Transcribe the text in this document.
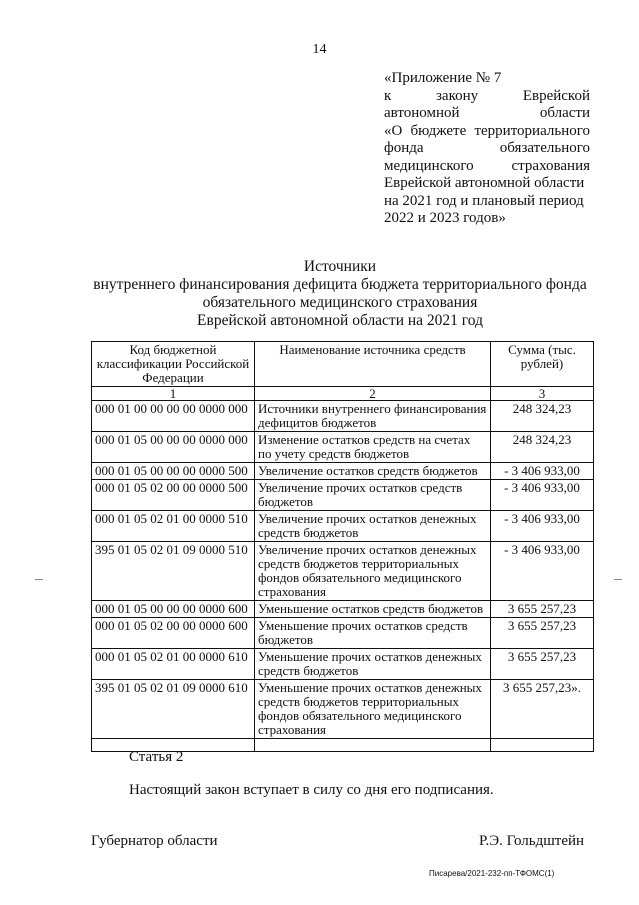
14
«Приложение № 7
к закону Еврейской
автономной области
«О бюджете территориального
фонда обязательного
медицинского страхования
Еврейской автономной области
на 2021 год и плановый период
2022 и 2023 годов»
Источники
внутреннего финансирования дефицита бюджета территориального фонда
обязательного медицинского страхования
Еврейской автономной области на 2021 год
Код бюджетной классификации Российской Федерации	Наименование источника средств	Сумма (тыс. рублей)
1	2	3
000 01 00 00 00 00 0000 000	Источники внутреннего финансирования дефицитов бюджетов	248 324,23
000 01 05 00 00 00 0000 000	Изменение остатков средств на счетах по учету средств бюджетов	248 324,23
000 01 05 00 00 00 0000 500	Увеличение остатков средств бюджетов	- 3 406 933,00
000 01 05 02 00 00 0000 500	Увеличение прочих остатков средств бюджетов	- 3 406 933,00
000 01 05 02 01 00 0000 510	Увеличение прочих остатков денежных средств бюджетов	- 3 406 933,00
395 01 05 02 01 09 0000 510	Увеличение прочих остатков денежных средств бюджетов территориальных фондов обязательного медицинского страхования	- 3 406 933,00
000 01 05 00 00 00 0000 600	Уменьшение остатков средств бюджетов	3 655 257,23
000 01 05 02 00 00 0000 600	Уменьшение прочих остатков средств бюджетов	3 655 257,23
000 01 05 02 01 00 0000 610	Уменьшение прочих остатков денежных средств бюджетов	3 655 257,23
395 01 05 02 01 09 0000 610	Уменьшение прочих остатков денежных средств бюджетов территориальных фондов обязательного медицинского страхования	3 655 257,23».

Статья 2
Настоящий закон вступает в силу со дня его подписания.
Губернатор области	Р.Э. Гольдштейн
Писарева/2021-232-пп-ТФОМС(1)
